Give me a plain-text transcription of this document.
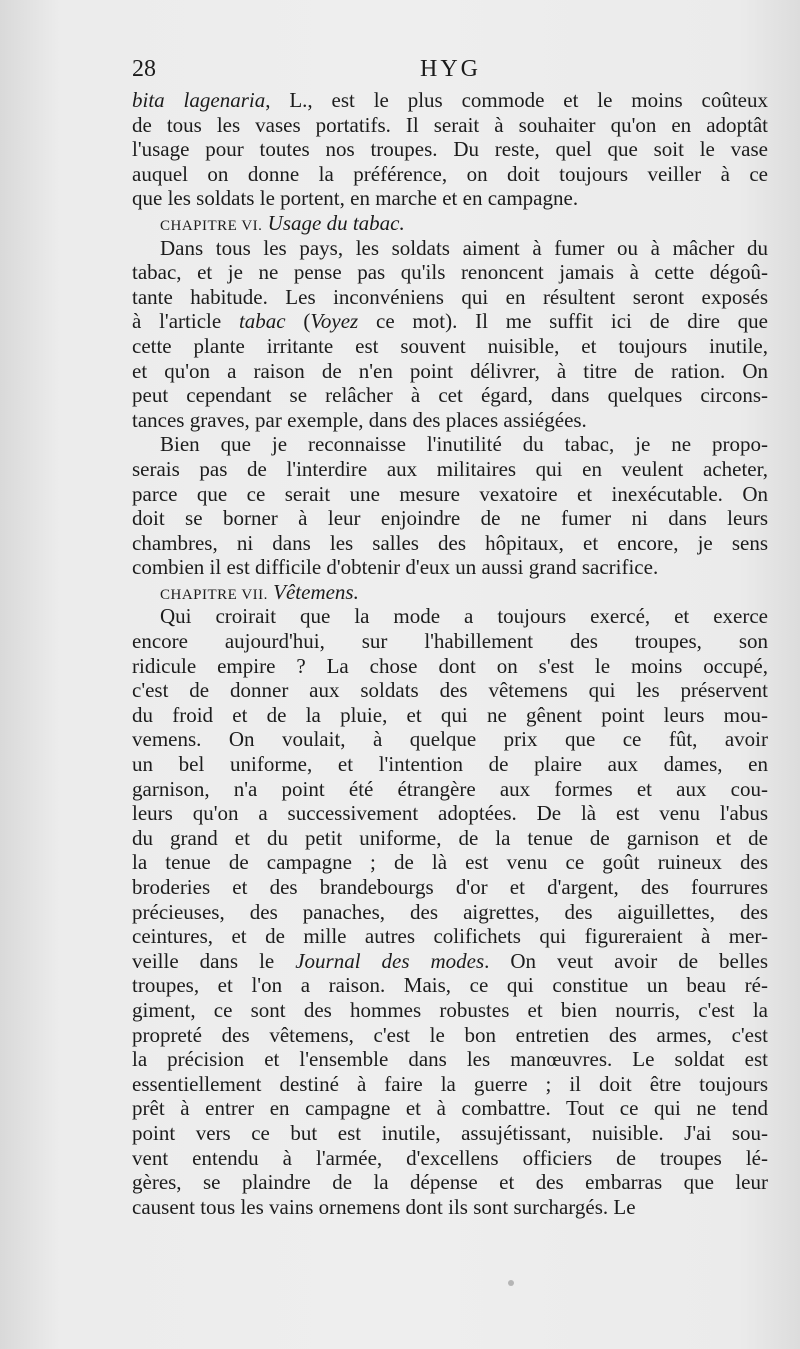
28	HYG
bita lagenaria, L., est le plus commode et le moins coûteux
de tous les vases portatifs. Il serait à souhaiter qu'on en adoptât
l'usage pour toutes nos troupes. Du reste, quel que soit le vase
auquel on donne la préférence, on doit toujours veiller à ce
que les soldats le portent, en marche et en campagne.
CHAPITRE VI. Usage du tabac.
Dans tous les pays, les soldats aiment à fumer ou à mâcher du
tabac, et je ne pense pas qu'ils renoncent jamais à cette dégoû-
tante habitude. Les inconvéniens qui en résultent seront exposés
à l'article tabac (Voyez ce mot). Il me suffit ici de dire que
cette plante irritante est souvent nuisible, et toujours inutile,
et qu'on a raison de n'en point délivrer, à titre de ration. On
peut cependant se relâcher à cet égard, dans quelques circons-
tances graves, par exemple, dans des places assiégées.
Bien que je reconnaisse l'inutilité du tabac, je ne propo-
serais pas de l'interdire aux militaires qui en veulent acheter,
parce que ce serait une mesure vexatoire et inexécutable. On
doit se borner à leur enjoindre de ne fumer ni dans leurs
chambres, ni dans les salles des hôpitaux, et encore, je sens
combien il est difficile d'obtenir d'eux un aussi grand sacrifice.
CHAPITRE VII. Vêtemens.
Qui croirait que la mode a toujours exercé, et exerce
encore aujourd'hui, sur l'habillement des troupes, son
ridicule empire ? La chose dont on s'est le moins occupé,
c'est de donner aux soldats des vêtemens qui les préservent
du froid et de la pluie, et qui ne gênent point leurs mou-
vemens. On voulait, à quelque prix que ce fût, avoir
un bel uniforme, et l'intention de plaire aux dames, en
garnison, n'a point été étrangère aux formes et aux cou-
leurs qu'on a successivement adoptées. De là est venu l'abus
du grand et du petit uniforme, de la tenue de garnison et de
la tenue de campagne ; de là est venu ce goût ruineux des
broderies et des brandebourgs d'or et d'argent, des fourrures
précieuses, des panaches, des aigrettes, des aiguillettes, des
ceintures, et de mille autres colifichets qui figureraient à mer-
veille dans le Journal des modes. On veut avoir de belles
troupes, et l'on a raison. Mais, ce qui constitue un beau ré-
giment, ce sont des hommes robustes et bien nourris, c'est la
propreté des vêtemens, c'est le bon entretien des armes, c'est
la précision et l'ensemble dans les manœuvres. Le soldat est
essentiellement destiné à faire la guerre ; il doit être toujours
prêt à entrer en campagne et à combattre. Tout ce qui ne tend
point vers ce but est inutile, assujétissant, nuisible. J'ai sou-
vent entendu à l'armée, d'excellens officiers de troupes lé-
gères, se plaindre de la dépense et des embarras que leur
causent tous les vains ornemens dont ils sont surchargés. Le
